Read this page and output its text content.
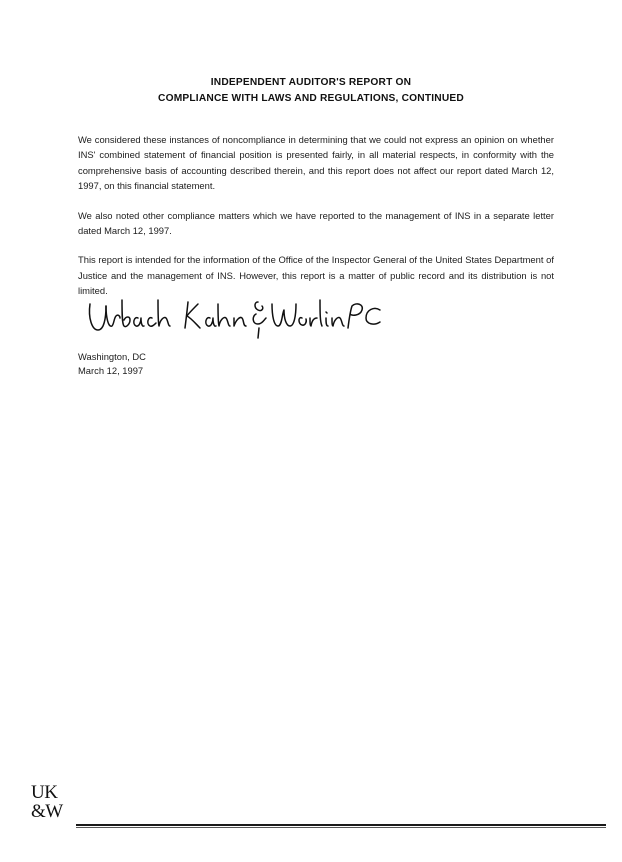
INDEPENDENT AUDITOR'S REPORT ON
COMPLIANCE WITH LAWS AND REGULATIONS, CONTINUED

We considered these instances of noncompliance in determining that we could not express an opinion on whether INS' combined statement of financial position is presented fairly, in all material respects, in conformity with the comprehensive basis of accounting described therein, and this report does not affect our report dated March 12, 1997, on this financial statement.

We also noted other compliance matters which we have reported to the management of INS in a separate letter dated March 12, 1997.

This report is intended for the information of the Office of the Inspector General of the United States Department of Justice and the management of INS. However, this report is a matter of public record and its distribution is not limited.

Washington, DC
March 12, 1997
UK
&W
